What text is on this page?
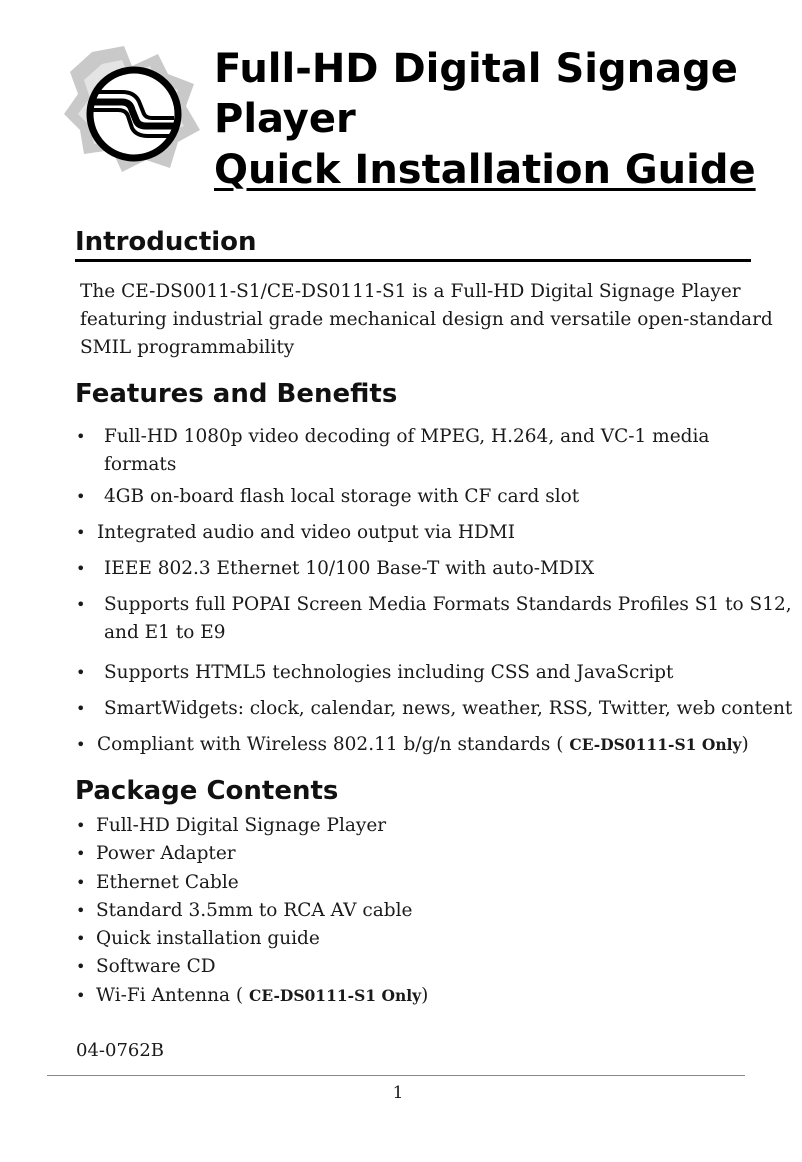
Full-HD Digital Signage
Player
Quick Installation Guide
Introduction

The CE-DS0011-S1/CE-DS0111-S1 is a Full-HD Digital Signage Player

featuring industrial grade mechanical design and versatile open-standard

SMIL programmability

Features and Benefits
• Full-HD 1080p video decoding of MPEG, H.264, and VC-1 media
formats
• 4GB on-board flash local storage with CF card slot
• Integrated audio and video output via HDMI
• IEEE 802.3 Ethernet 10/100 Base-T with auto-MDIX
• Supports full POPAI Screen Media Formats Standards Profiles S1 to S12,
and E1 to E9
• Supports HTML5 technologies including CSS and JavaScript
• SmartWidgets: clock, calendar, news, weather, RSS, Twitter, web content
• Compliant with Wireless 802.11 b/g/n standards ( CE-DS0111-S1 Only)
Package Contents
• Full-HD Digital Signage Player
• Power Adapter
• Ethernet Cable
• Standard 3.5mm to RCA AV cable
• Quick installation guide
• Software CD
• Wi-Fi Antenna ( CE-DS0111-S1 Only)
04-0762B
1
